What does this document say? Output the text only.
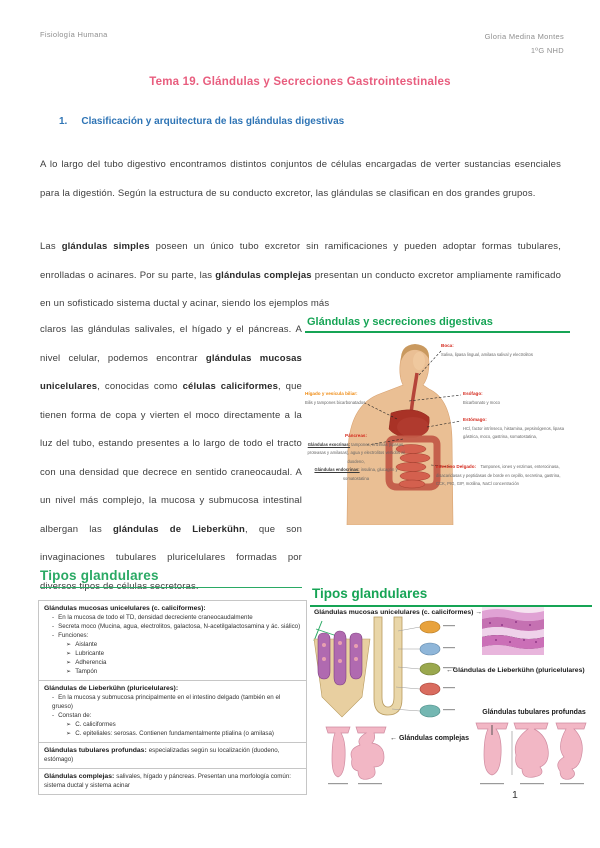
Fisiología Humana	Gloria Medina Montes
1ºG NHD
Tema 19. Glándulas y Secreciones Gastrointestinales
1. Clasificación y arquitectura de las glándulas digestivas
A lo largo del tubo digestivo encontramos distintos conjuntos de células encargadas de verter sustancias esenciales para la digestión. Según la estructura de su conducto excretor, las glándulas se clasifican en dos grandes grupos.
Las glándulas simples poseen un único tubo excretor sin ramificaciones y pueden adoptar formas tubulares, enrolladas o acinares. Por su parte, las glándulas complejas presentan un conducto excretor ampliamente ramificado en un sofisticado sistema ductal y acinar, siendo los ejemplos más
claros las glándulas salivales, el hígado y el páncreas. A nivel celular, podemos encontrar glándulas mucosas unicelulares, conocidas como células caliciformes, que tienen forma de copa y vierten el moco directamente a la luz del tubo, estando presentes a lo largo de todo el tracto con una densidad que decrece en sentido craneocaudal. A un nivel más complejo, la mucosa y submucosa intestinal albergan las glándulas de Lieberkühn, que son invaginaciones tubulares pluricelulares formadas por diversos tipos de células secretoras.
Glándulas y secreciones digestivas
Boca:
Saliva, lipasa lingual, amilasa salival y electrolitos
Esófago:
Bicarbonato y moco
Estómago:
HCl, factor intrínseco, histamina, pepsinógenos, lipasa gástrica, moco, gastrina, somatostatina,
Intestino Delgado: Tampones, iones y enzimas, enterocinasa, disacaridasas y peptidasas de borde en cepillo, secretina, gastrina, CCK, PIG, GIP, motilina, NaCl concentración
Hígado y vesícula biliar:
Bilis y tampones bicarbonatados
Páncreas:
Glándulas exocrinas: tampones, enzimas (lipasas, proteasas y amilasas), agua y electrolitos vertidos al duodeno,
Glándulas endocrinas: insulina, glucagón y somatostatina
Tipos glandulares
Glándulas mucosas unicelulares (c. caliciformes):
- En la mucosa de todo el TD, densidad decreciente craneocaudalmente
- Secreta moco (Mucina, agua, electrolitos, galactosa, N-acetilgalactosamina y ác. siálico)
- Funciones:
➢ Aislante
➢ Lubricante
➢ Adherencia
➢ Tampón
Glándulas de Lieberkühn (pluricelulares):
- En la mucosa y submucosa principalmente en el intestino delgado (también en el grueso)
- Constan de:
➢ C. caliciformes
➢ C. epiteliales: serosas. Contienen fundamentalmente ptialina (o amilasa)
Glándulas tubulares profundas: especializadas según su localización (duodeno, estómago)
Glándulas complejas: salivales, hígado y páncreas. Presentan una morfología común: sistema ductal y sistema acinar
Tipos glandulares
Glándulas mucosas unicelulares (c. caliciformes) →
←Glándulas de Lieberkühn (pluricelulares)
Glándulas tubulares profundas
← Glándulas complejas
1
